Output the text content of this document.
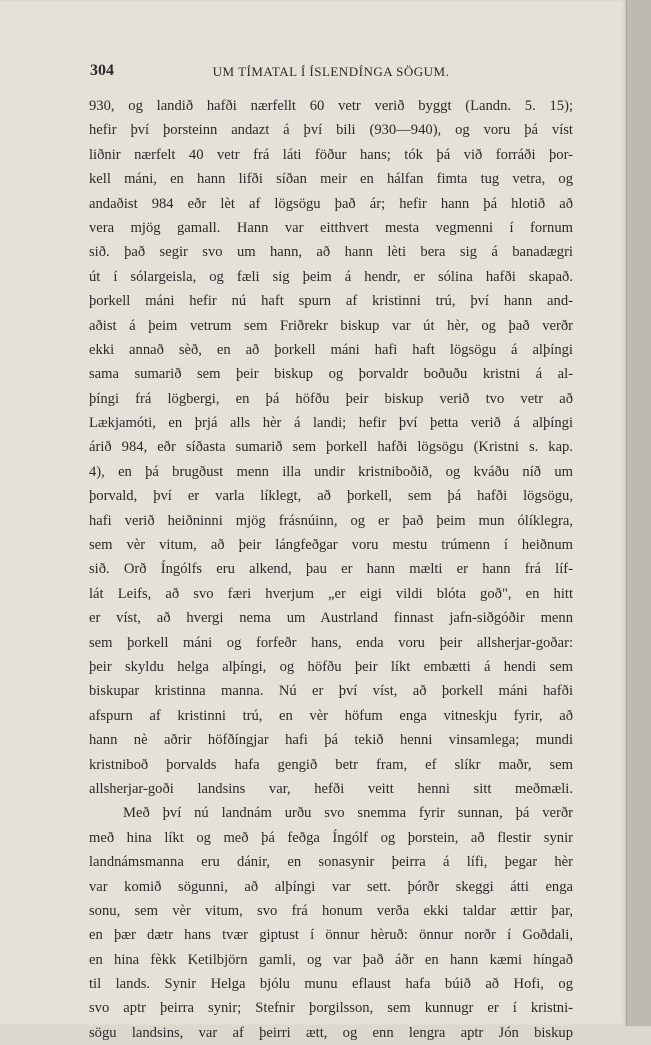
304	UM TÍMATAL Í ÍSLENDÍNGA SÖGUM.
930, og landið hafði nærfellt 60 vetr verið byggt (Landn. 5. 15);
hefir því þorsteinn andazt á því bili (930—940), og voru þá víst
liðnir nærfelt 40 vetr frá láti föður hans; tók þá við forráði þor-
kell máni, en hann lifði síðan meir en hálfan fimta tug vetra, og
andaðist 984 eðr lèt af lögsögu það ár; hefir hann þá hlotið að
vera mjög gamall. Hann var eitthvert mesta vegmenni í fornum
sið. það segir svo um hann, að hann lèti bera sig á banadægri
út í sólargeisla, og fæli sig þeim á hendr, er sólina hafði skapað.
þorkell máni hefir nú haft spurn af kristinni trú, því hann and-
aðist á þeim vetrum sem Friðrekr biskup var út hèr, og það verðr
ekki annað sèð, en að þorkell máni hafi haft lögsögu á alþíngi
sama sumarið sem þeir biskup og þorvaldr boðuðu kristni á al-
þíngi frá lögbergi, en þá höfðu þeir biskup verið tvo vetr að
Lækjamóti, en þrjá alls hèr á landi; hefir því þetta verið á alþíngi
árið 984, eðr síðasta sumarið sem þorkell hafði lögsögu (Kristni s. kap.
4), en þá brugðust menn illa undir kristniboðið, og kváðu níð um
þorvald, því er varla líklegt, að þorkell, sem þá hafði lögsögu,
hafi verið heiðninni mjög frásnúinn, og er það þeim mun ólíklegra,
sem vèr vitum, að þeir lángfeðgar voru mestu trúmenn í heiðnum
sið. Orð Íngólfs eru alkend, þau er hann mælti er hann frá líf-
lát Leifs, að svo færi hverjum „er eigi vildi blóta goð", en hitt
er víst, að hvergi nema um Austrland finnast jafn-siðgóðir menn
sem þorkell máni og forfeðr hans, enda voru þeir allsherjar-goðar:
þeir skyldu helga alþíngi, og höfðu þeir líkt embætti á hendi sem
biskupar kristinna manna. Nú er því víst, að þorkell máni hafði
afspurn af kristinni trú, en vèr höfum enga vitneskju fyrir, að
hann nè aðrir höfðíngjar hafi þá tekið henni vinsamlega; mundi
kristniboð þorvalds hafa gengið betr fram, ef slíkr maðr, sem
allsherjar-goði landsins var, hefði veitt henni sitt meðmæli.
Með því nú landnám urðu svo snemma fyrir sunnan, þá verðr
með hina líkt og með þá feðga Íngólf og þorstein, að flestir synir
landnámsmanna eru dánir, en sonasynir þeirra á lífi, þegar hèr
var komið sögunni, að alþíngi var sett. þórðr skeggi átti enga
sonu, sem vèr vitum, svo frá honum verða ekki taldar ættir þar,
en þær dætr hans tvær giptust í önnur hèruð: önnur norðr í Goðdali,
en hina fèkk Ketilbjörn gamli, og var það áðr en hann kæmi híngað
til lands. Synir Helga bjólu munu eflaust hafa búið að Hofi, og
svo aptr þeirra synir; Stefnir þorgilsson, sem kunnugr er í kristni-
sögu landsins, var af þeirri ætt, og enn lengra aptr Jón biskup
